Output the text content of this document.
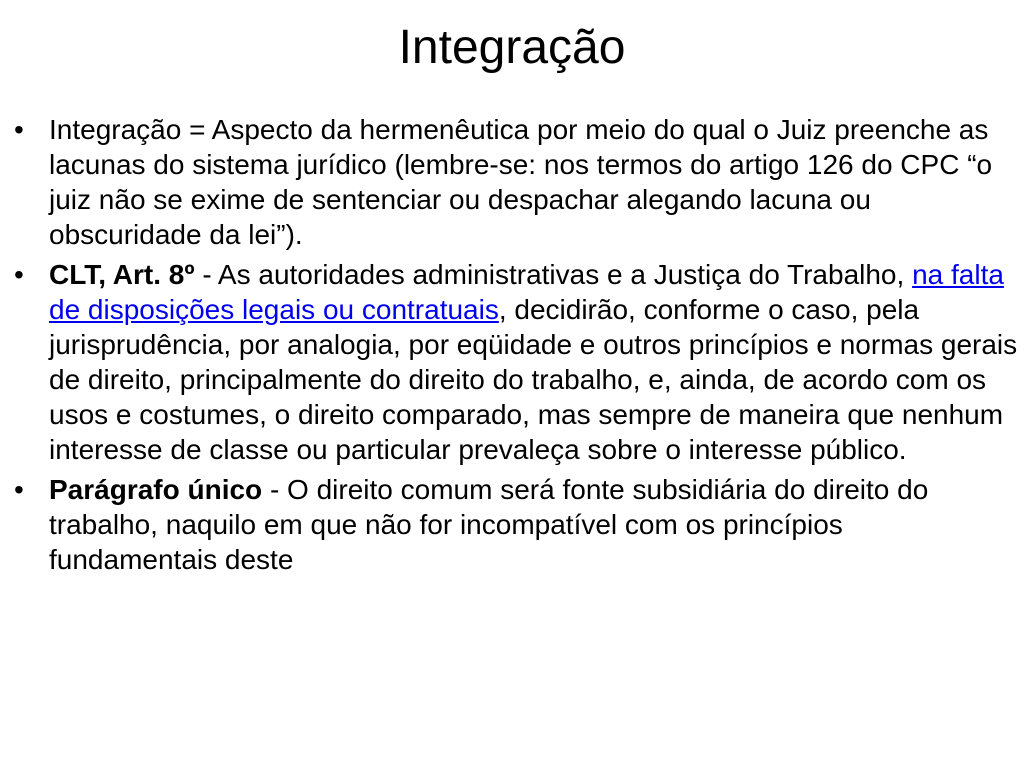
Integração
• Integração = Aspecto da hermenêutica por meio do qual o Juiz preenche as lacunas do sistema jurídico (lembre-se: nos termos do artigo 126 do CPC “o juiz não se exime de sentenciar ou despachar alegando lacuna ou obscuridade da lei”).
• CLT, Art. 8º - As autoridades administrativas e a Justiça do Trabalho, na falta de disposições legais ou contratuais, decidirão, conforme o caso, pela jurisprudência, por analogia, por eqüidade e outros princípios e normas gerais de direito, principalmente do direito do trabalho, e, ainda, de acordo com os usos e costumes, o direito comparado, mas sempre de maneira que nenhum interesse de classe ou particular prevaleça sobre o interesse público.
• Parágrafo único - O direito comum será fonte subsidiária do direito do trabalho, naquilo em que não for incompatível com os princípios fundamentais deste
